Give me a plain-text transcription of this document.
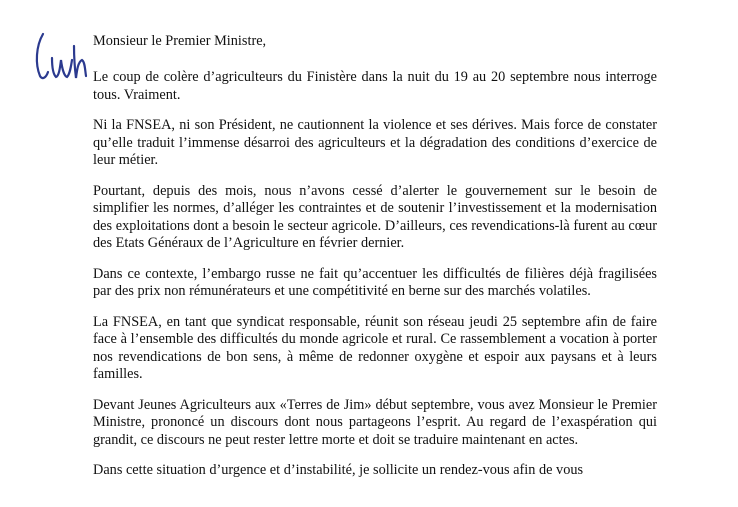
Monsieur le Premier Ministre,

Le coup de colère d’agriculteurs du Finistère dans la nuit du 19 au 20 septembre nous interroge tous. Vraiment.

Ni la FNSEA, ni son Président, ne cautionnent la violence et ses dérives. Mais force de constater qu’elle traduit l’immense désarroi des agriculteurs et la dégradation des conditions d’exercice de leur métier.

Pourtant, depuis des mois, nous n’avons cessé d’alerter le gouvernement sur le besoin de simplifier les normes, d’alléger les contraintes et de soutenir l’investissement et la modernisation des exploitations dont a besoin le secteur agricole. D’ailleurs, ces revendications-là furent au cœur des Etats Généraux de l’Agriculture en février dernier.

Dans ce contexte, l’embargo russe ne fait qu’accentuer les difficultés de filières déjà fragilisées par des prix non rémunérateurs et une compétitivité en berne sur des marchés volatiles.

La FNSEA, en tant que syndicat responsable, réunit son réseau jeudi 25 septembre afin de faire face à l’ensemble des difficultés du monde agricole et rural. Ce rassemblement a vocation à porter nos revendications de bon sens, à même de redonner oxygène et espoir aux paysans et à leurs familles.

Devant Jeunes Agriculteurs aux «Terres de Jim» début septembre, vous avez Monsieur le Premier Ministre, prononcé un discours dont nous partageons l’esprit. Au regard de l’exaspération qui grandit, ce discours ne peut rester lettre morte et doit se traduire maintenant en actes.

Dans cette situation d’urgence et d’instabilité, je sollicite un rendez-vous afin de vous
